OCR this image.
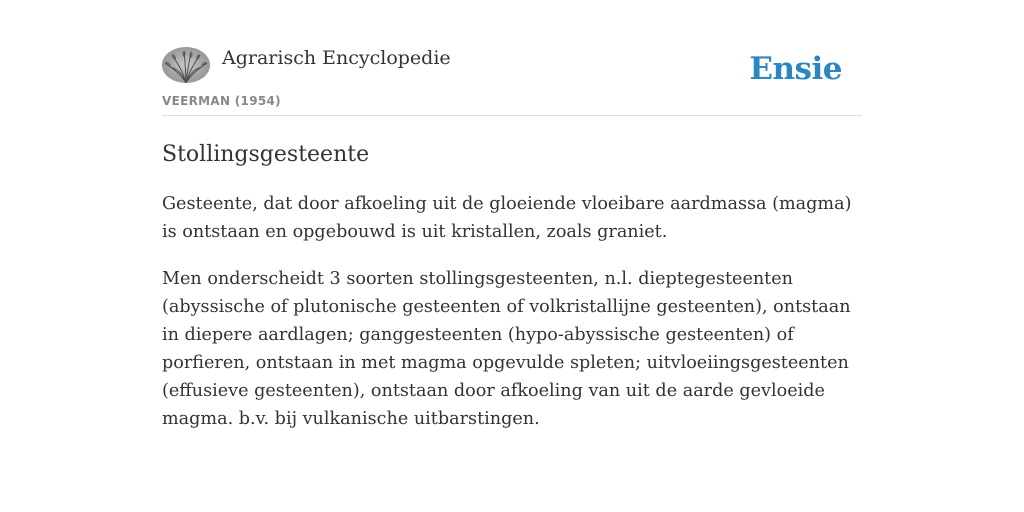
Agrarisch Encyclopedie
VEERMAN (1954)
Ensie
Stollingsgesteente

Gesteente, dat door afkoeling uit de gloeiende vloeibare aardmassa (magma) is ontstaan en opgebouwd is uit kristallen, zoals graniet.

Men onderscheidt 3 soorten stollingsgesteenten, n.l. dieptegesteenten (abyssische of plutonische gesteenten of volkristallijne gesteenten), ontstaan in diepere aardlagen; ganggesteenten (hypo-abyssische gesteenten) of porfieren, ontstaan in met magma opgevulde spleten; uitvloeiingsgesteenten (effusieve gesteenten), ontstaan door afkoeling van uit de aarde gevloeide magma. b.v. bij vulkanische uitbarstingen.
